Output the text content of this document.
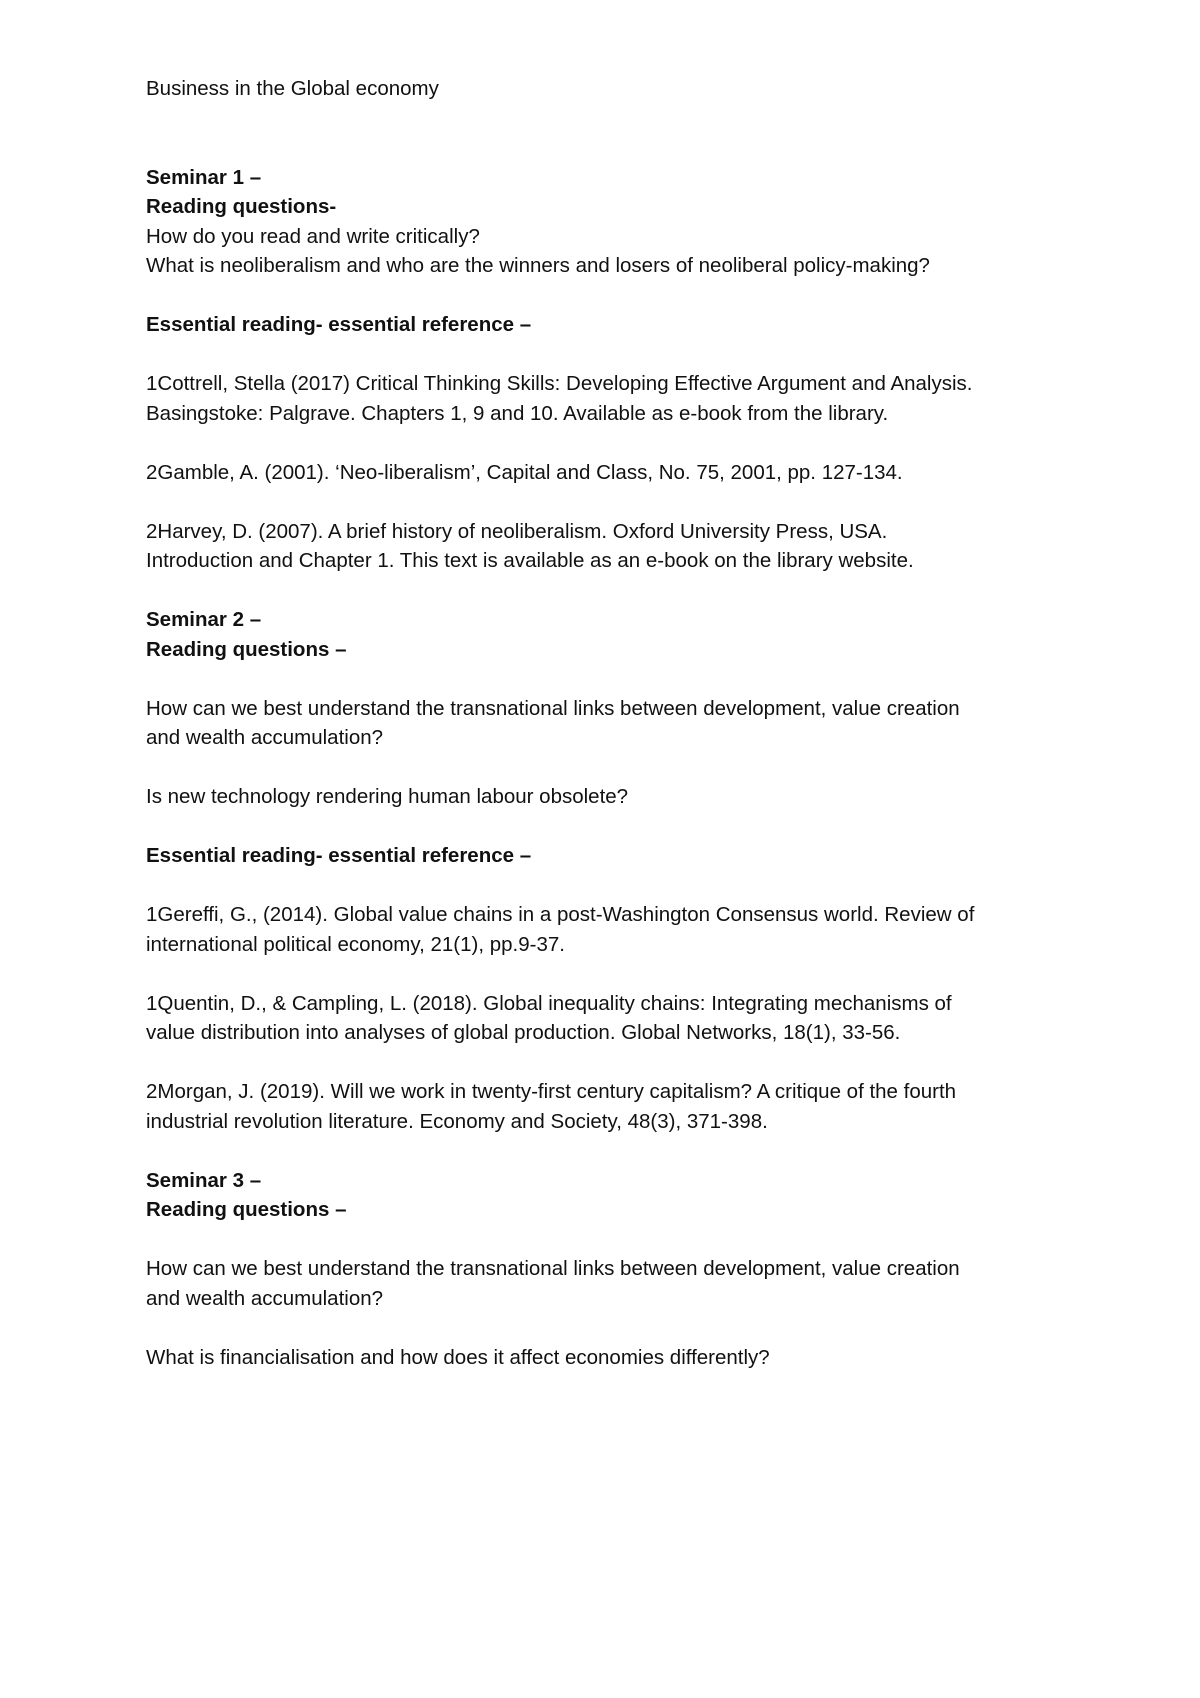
Business in the Global economy
Seminar 1 –
Reading questions-
How do you read and write critically?
What is neoliberalism and who are the winners and losers of neoliberal policy-making?
Essential reading- essential reference –
1Cottrell, Stella (2017) Critical Thinking Skills: Developing Effective Argument and Analysis.
Basingstoke: Palgrave. Chapters 1, 9 and 10. Available as e-book from the library.
2Gamble, A. (2001). ‘Neo-liberalism’, Capital and Class, No. 75, 2001, pp. 127-134.
2Harvey, D. (2007). A brief history of neoliberalism. Oxford University Press, USA.
Introduction and Chapter 1. This text is available as an e-book on the library website.
Seminar 2 –
Reading questions –
How can we best understand the transnational links between development, value creation
and wealth accumulation?
Is new technology rendering human labour obsolete?
Essential reading- essential reference –
1Gereffi, G., (2014). Global value chains in a post-Washington Consensus world. Review of
international political economy, 21(1), pp.9-37.
1Quentin, D., & Campling, L. (2018). Global inequality chains: Integrating mechanisms of
value distribution into analyses of global production. Global Networks, 18(1), 33-56.
2Morgan, J. (2019). Will we work in twenty-first century capitalism? A critique of the fourth
industrial revolution literature. Economy and Society, 48(3), 371-398.
Seminar 3 –
Reading questions –
How can we best understand the transnational links between development, value creation
and wealth accumulation?
What is financialisation and how does it affect economies differently?
